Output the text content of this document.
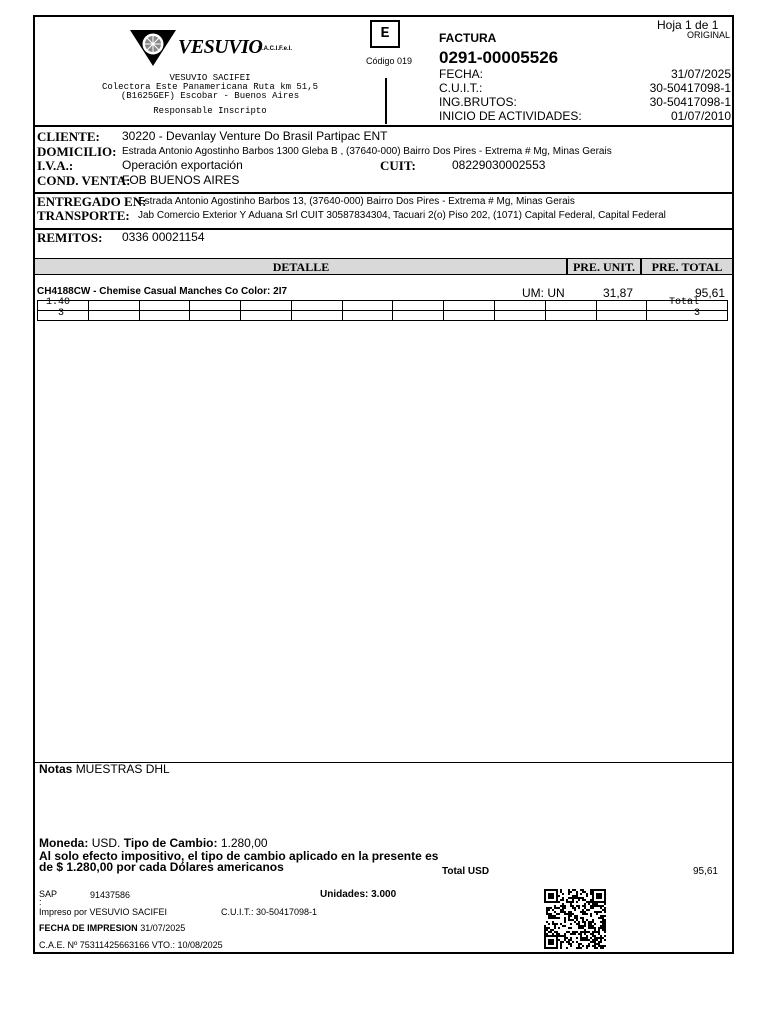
VESUVIO
S.A.C.I.F.e.I.
VESUVIO SACIFEI
Colectora Este Panamericana Ruta km 51,5
(B1625GEF) Escobar - Buenos Aires
Responsable Inscripto
E
Código 019
FACTURA
0291-00005526
Hoja 1 de 1
ORIGINAL
FECHA:	31/07/2025
C.U.I.T.:	30-50417098-1
ING.BRUTOS:	30-50417098-1
INICIO DE ACTIVIDADES:	01/07/2010
CLIENTE: 30220 - Devanlay Venture Do Brasil Partipac ENT
DOMICILIO: Estrada Antonio Agostinho Barbos 1300 Gleba B , (37640-000) Bairro Dos Pires - Extrema # Mg, Minas Gerais
I.V.A.:	Operación exportación	CUIT:	08229030002553
COND. VENTA:
FOB BUENOS AIRES
ENTREGADO EN:
Estrada Antonio Agostinho Barbos 13, (37640-000) Bairro Dos Pires - Extrema # Mg, Minas Gerais
TRANSPORTE: Jab Comercio Exterior Y Aduana Srl CUIT 30587834304, Tacuari 2(o) Piso 202, (1071) Capital Federal, Capital Federal
REMITOS: 0336 00021154
DETALLE	PRE. UNIT.	PRE. TOTAL
CH4188CW - Chemise Casual Manches Co Color: 2I7	UM: UN	31,87	95,61
1.40	Total
3	3
Notas MUESTRAS DHL
Moneda: USD. Tipo de Cambio: 1.280,00
Al solo efecto impositivo, el tipo de cambio aplicado en la presente es
de $ 1.280,00 por cada Dólares americanos	Total USD	95,61
SAP
:
91437586	Unidades: 3.000
Impreso por VESUVIO SACIFEI	C.U.I.T.: 30-50417098-1
FECHA DE IMPRESION 31/07/2025
C.A.E. Nº 75311425663166 VTO.: 10/08/2025
